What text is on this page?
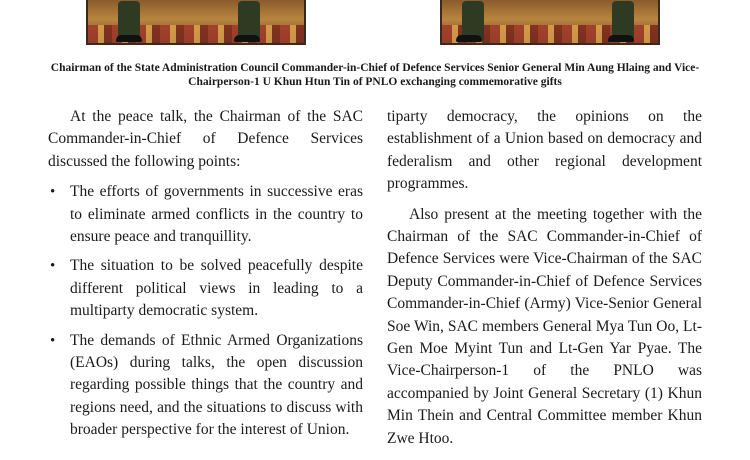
Chairman of the State Administration Council Commander-in-Chief of Defence Services Senior General Min Aung Hlaing and Vice-Chairperson-1 U Khun Htun Tin of PNLO exchanging commemorative gifts

At the peace talk, the Chairman of the SAC Commander-in-Chief of Defence Services discussed the following points:

• The efforts of governments in successive eras to eliminate armed conflicts in the country to ensure peace and tranquillity.
• The situation to be solved peacefully despite different political views in leading to a multiparty democratic system.
• The demands of Ethnic Armed Organizations (EAOs) during talks, the open discussion regarding possible things that the country and regions need, and the situations to discuss with broader perspective for the interest of Union.

tiparty democracy, the opinions on the establishment of a Union based on democracy and federalism and other regional development programmes.

Also present at the meeting together with the Chairman of the SAC Commander-in-Chief of Defence Services were Vice-Chairman of the SAC Deputy Commander-in-Chief of Defence Services Commander-in-Chief (Army) Vice-Senior General Soe Win, SAC members General Mya Tun Oo, Lt-Gen Moe Myint Tun and Lt-Gen Yar Pyae. The Vice-Chairperson-1 of the PNLO was accompanied by Joint General Secretary (1) Khun Min Thein and Central Committee member Khun Zwe Htoo.
